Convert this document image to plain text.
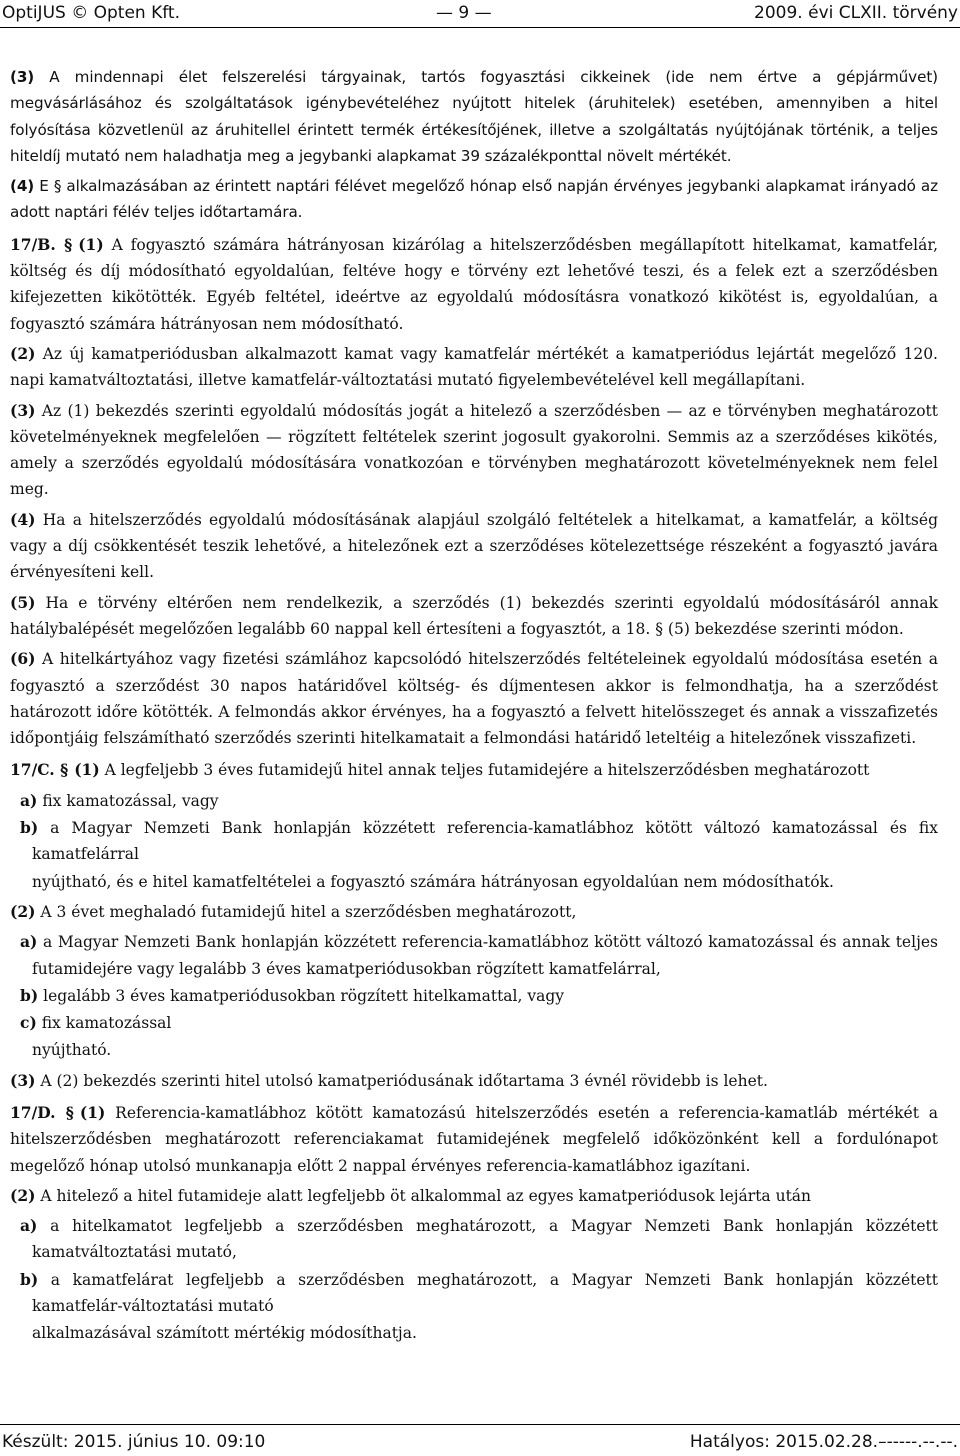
OptiJUS © Opten Kft.	— 9 —	2009. évi CLXII. törvény

(3) A mindennapi élet felszerelési tárgyainak, tartós fogyasztási cikkeinek (ide nem értve a gépjárművet) megvásárlásához és szolgáltatások igénybevételéhez nyújtott hitelek (áruhitelek) esetében, amennyiben a hitel folyósítása közvetlenül az áruhitellel érintett termék értékesítőjének, illetve a szolgáltatás nyújtójának történik, a teljes hiteldíj mutató nem haladhatja meg a jegybanki alapkamat 39 százalékponttal növelt mértékét.

(4) E § alkalmazásában az érintett naptári félévet megelőző hónap első napján érvényes jegybanki alapkamat irányadó az adott naptári félév teljes időtartamára.

17/B. § (1) A fogyasztó számára hátrányosan kizárólag a hitelszerződésben megállapított hitelkamat, kamatfelár, költség és díj módosítható egyoldalúan, feltéve hogy e törvény ezt lehetővé teszi, és a felek ezt a szerződésben kifejezetten kikötötték. Egyéb feltétel, ideértve az egyoldalú módosításra vonatkozó kikötést is, egyoldalúan, a fogyasztó számára hátrányosan nem módosítható.

(2) Az új kamatperiódusban alkalmazott kamat vagy kamatfelár mértékét a kamatperiódus lejártát megelőző 120. napi kamatváltoztatási, illetve kamatfelár-változtatási mutató figyelembevételével kell megállapítani.

(3) Az (1) bekezdés szerinti egyoldalú módosítás jogát a hitelező a szerződésben — az e törvényben meghatározott követelményeknek megfelelően — rögzített feltételek szerint jogosult gyakorolni. Semmis az a szerződéses kikötés, amely a szerződés egyoldalú módosítására vonatkozóan e törvényben meghatározott követelményeknek nem felel meg.

(4) Ha a hitelszerződés egyoldalú módosításának alapjául szolgáló feltételek a hitelkamat, a kamatfelár, a költség vagy a díj csökkentését teszik lehetővé, a hitelezőnek ezt a szerződéses kötelezettsége részeként a fogyasztó javára érvényesíteni kell.

(5) Ha e törvény eltérően nem rendelkezik, a szerződés (1) bekezdés szerinti egyoldalú módosításáról annak hatálybalépését megelőzően legalább 60 nappal kell értesíteni a fogyasztót, a 18. § (5) bekezdése szerinti módon.

(6) A hitelkártyához vagy fizetési számlához kapcsolódó hitelszerződés feltételeinek egyoldalú módosítása esetén a fogyasztó a szerződést 30 napos határidővel költség- és díjmentesen akkor is felmondhatja, ha a szerződést határozott időre kötötték. A felmondás akkor érvényes, ha a fogyasztó a felvett hitelösszeget és annak a visszafizetés időpontjáig felszámítható szerződés szerinti hitelkamatait a felmondási határidő leteltéig a hitelezőnek visszafizeti.

17/C. § (1) A legfeljebb 3 éves futamidejű hitel annak teljes futamidejére a hitelszerződésben meghatározott

a) fix kamatozással, vagy

b) a Magyar Nemzeti Bank honlapján közzétett referencia-kamatlábhoz kötött változó kamatozással és fix kamatfelárral

nyújtható, és e hitel kamatfeltételei a fogyasztó számára hátrányosan egyoldalúan nem módosíthatók.

(2) A 3 évet meghaladó futamidejű hitel a szerződésben meghatározott,

a) a Magyar Nemzeti Bank honlapján közzétett referencia-kamatlábhoz kötött változó kamatozással és annak teljes futamidejére vagy legalább 3 éves kamatperiódusokban rögzített kamatfelárral,

b) legalább 3 éves kamatperiódusokban rögzített hitelkamattal, vagy

c) fix kamatozással

nyújtható.

(3) A (2) bekezdés szerinti hitel utolsó kamatperiódusának időtartama 3 évnél rövidebb is lehet.

17/D. § (1) Referencia-kamatlábhoz kötött kamatozású hitelszerződés esetén a referencia-kamatláb mértékét a hitelszerződésben meghatározott referenciakamat futamidejének megfelelő időközönként kell a fordulónapot megelőző hónap utolsó munkanapja előtt 2 nappal érvényes referencia-kamatlábhoz igazítani.

(2) A hitelező a hitel futamideje alatt legfeljebb öt alkalommal az egyes kamatperiódusok lejárta után

a) a hitelkamatot legfeljebb a szerződésben meghatározott, a Magyar Nemzeti Bank honlapján közzétett kamatváltoztatási mutató,

b) a kamatfelárat legfeljebb a szerződésben meghatározott, a Magyar Nemzeti Bank honlapján közzétett kamatfelár-változtatási mutató

alkalmazásával számított mértékig módosíthatja.

Készült: 2015. június 10. 09:10	Hatályos: 2015.02.28.–-----.--.--.
